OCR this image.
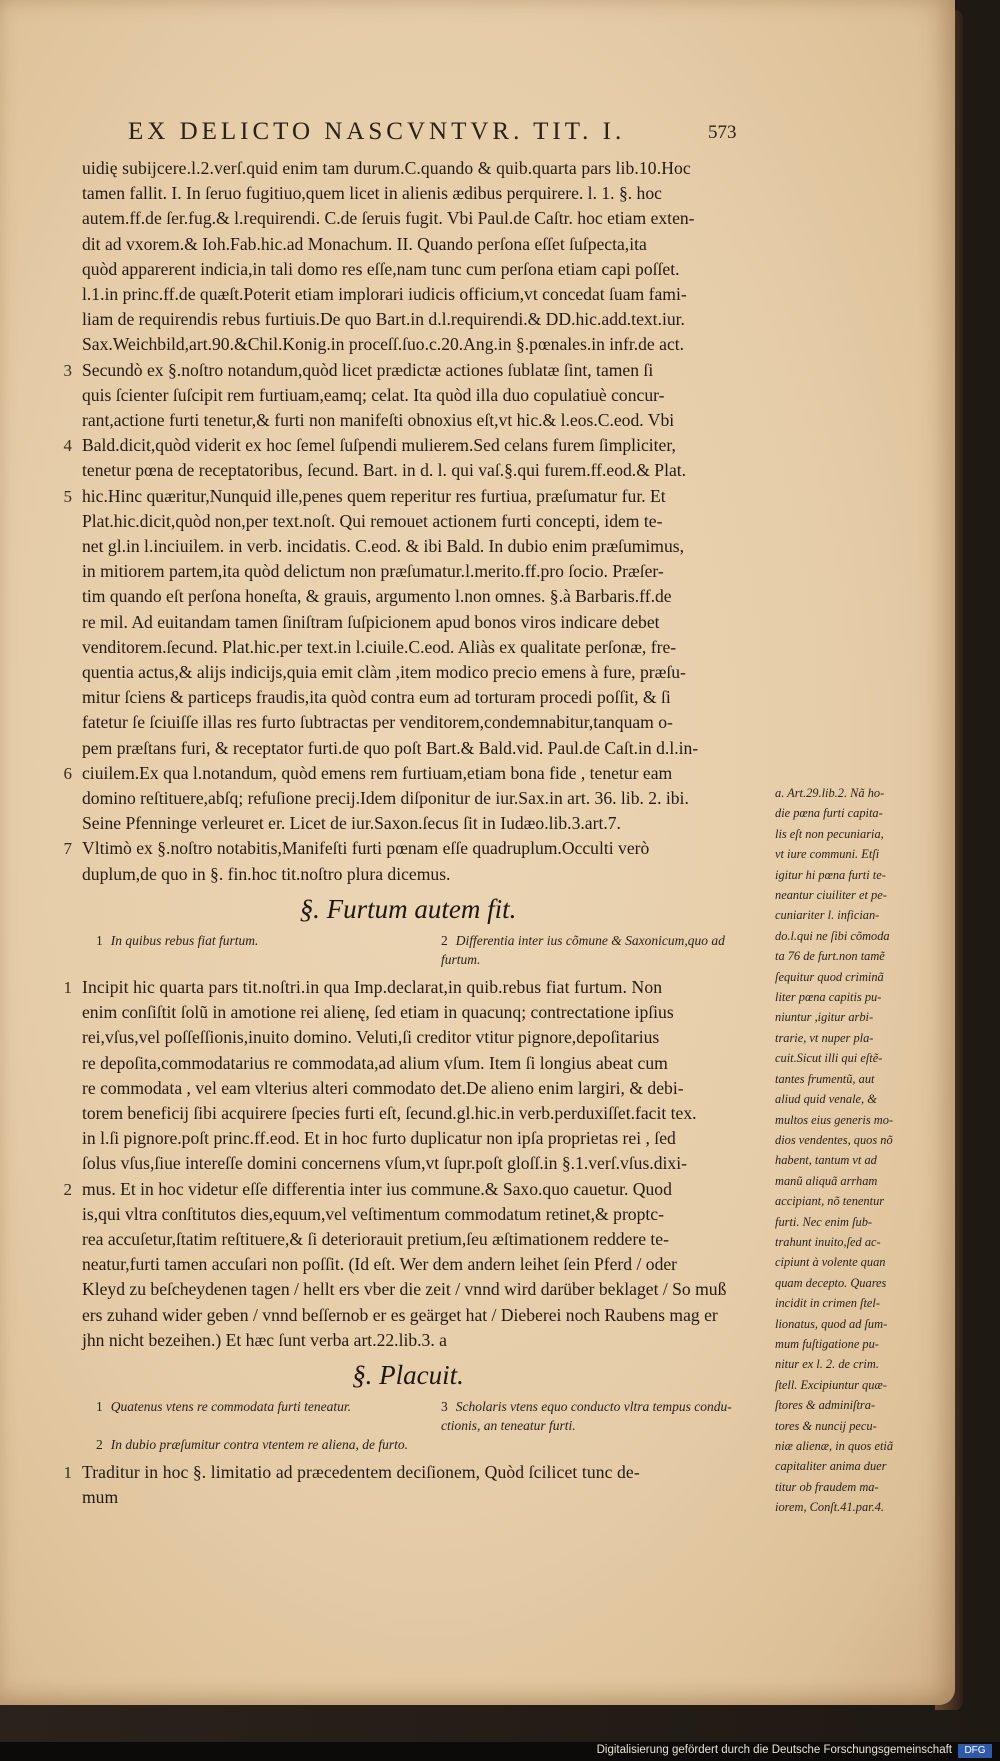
EX DELICTO NASCVNTVR. TIT. I.	573
uidię subijcere.l.2.verſ.quid enim tam durum.C.quando & quib.quarta pars lib.10.Hoc
tamen fallit. I. In ſeruo fugitiuo,quem licet in alienis ædibus perquirere. l. 1. §. hoc
autem.ff.de ſer.fug.& l.requirendi. C.de ſeruis fugit. Vbi Paul.de Caſtr. hoc etiam exten-
dit ad vxorem.& Ioh.Fab.hic.ad Monachum. II. Quando perſona eſſet ſuſpecta,ita
quòd apparerent indicia,in tali domo res eſſe,nam tunc cum perſona etiam capi poſſet.
l.1.in princ.ff.de quæſt.Poterit etiam implorari iudicis officium,vt concedat ſuam fami-
liam de requirendis rebus furtiuis.De quo Bart.in d.l.requirendi.& DD.hic.add.text.iur.
Sax.Weichbild,art.90.&Chil.Konig.in proceſſ.ſuo.c.20.Ang.in §.pœnales.in infr.de act.
3 Secundò ex §.noſtro notandum,quòd licet prædictæ actiones ſublatæ ſint, tamen ſi
quis ſcienter ſuſcipit rem furtiuam,eamq; celat. Ita quòd illa duo copulatiuè concur-
rant,actione furti tenetur,& furti non manifeſti obnoxius eſt,vt hic.& l.eos.C.eod. Vbi
4 Bald.dicit,quòd viderit ex hoc ſemel ſuſpendi mulierem.Sed celans furem ſimpliciter,
tenetur pœna de receptatoribus, ſecund. Bart. in d. l. qui vaſ.§.qui furem.ff.eod.& Plat.
5 hic.Hinc quæritur,Nunquid ille,penes quem reperitur res furtiua, præſumatur fur. Et
Plat.hic.dicit,quòd non,per text.noſt. Qui remouet actionem furti concepti, idem te-
net gl.in l.inciuilem. in verb. incidatis. C.eod. & ibi Bald. In dubio enim præſumimus,
in mitiorem partem,ita quòd delictum non præſumatur.l.merito.ff.pro ſocio. Præſer-
tim quando eſt perſona honeſta, & grauis, argumento l.non omnes. §.à Barbaris.ff.de
re mil. Ad euitandam tamen ſiniſtram ſuſpicionem apud bonos viros indicare debet
venditorem.ſecund. Plat.hic.per text.in l.ciuile.C.eod. Aliàs ex qualitate perſonæ, fre-
quentia actus,& alijs indicijs,quia emit clàm ,item modico precio emens à fure, præſu-
mitur ſciens & particeps fraudis,ita quòd contra eum ad torturam procedi poſſit, & ſi
fatetur ſe ſciuiſſe illas res furto ſubtractas per venditorem,condemnabitur,tanquam o-
pem præſtans furi, & receptator furti.de quo poſt Bart.& Bald.vid. Paul.de Caſt.in d.l.in-
6 ciuilem.Ex qua l.notandum, quòd emens rem furtiuam,etiam bona fide , tenetur eam
domino reſtituere,abſq; refuſione precij.Idem diſponitur de iur.Sax.in art. 36. lib. 2. ibi.
Seine Pfenninge verleuret er. Licet de iur.Saxon.ſecus ſit in Iudæo.lib.3.art.7.
7 Vltimò ex §.noſtro notabitis,Manifeſti furti pœnam eſſe quadruplum.Occulti verò
duplum,de quo in §. fin.hoc tit.noſtro plura dicemus.
§. Furtum autem fit.
1 In quibus rebus fiat furtum.	2 Differentia inter ius cõmune & Saxonicum,quo ad furtum.
1 Incipit hic quarta pars tit.noſtri.in qua Imp.declarat,in quib.rebus fiat furtum. Non
enim conſiſtit ſolũ in amotione rei alienę, ſed etiam in quacunq; contrectatione ipſius
rei,vſus,vel poſſeſſionis,inuito domino. Veluti,ſi creditor vtitur pignore,depoſitarius
re depoſita,commodatarius re commodata,ad alium vſum. Item ſi longius abeat cum
re commodata , vel eam vlterius alteri commodato det.De alieno enim largiri, & debi-
torem beneficij ſibi acquirere ſpecies furti eſt, ſecund.gl.hic.in verb.perduxiſſet.facit tex.
in l.ſi pignore.poſt princ.ff.eod. Et in hoc furto duplicatur non ipſa proprietas rei , ſed
ſolus vſus,ſiue intereſſe domini concernens vſum,vt ſupr.poſt gloſſ.in §.1.verſ.vſus.dixi-
2 mus. Et in hoc videtur eſſe differentia inter ius commune.& Saxo.quo cauetur. Quod
is,qui vltra conſtitutos dies,equum,vel veſtimentum commodatum retinet,& proptc-
rea accuſetur,ſtatim reſtituere,& ſi deteriorauit pretium,ſeu æſtimationem reddere te-
neatur,furti tamen accuſari non poſſit. (Id eſt. Wer dem andern leihet ſein Pferd / oder
Kleyd zu beſcheydenen tagen / hellt ers vber die zeit / vnnd wird darüber beklaget / So muß
ers zuhand wider geben / vnnd beſſernob er es geärget hat / Dieberei noch Raubens mag er
jhn nicht bezeihen.) Et hæc ſunt verba art.22.lib.3. a
§. Placuit.
1 Quatenus vtens re commodata furti teneatur.	3 Scholaris vtens equo conducto vltra tempus condu-ctionis, an teneatur furti.
2 In dubio præſumitur contra vtentem re aliena, de furto.
1 Traditur in hoc §. limitatio ad præcedentem deciſionem, Quòd ſcilicet tunc de-
mum
a. Art.29.lib.2. Nã ho-
die pœna furti capita-
lis eſt non pecuniaria,
vt iure communi. Etſi
igitur hi pœna furti te-
neantur ciuiliter et pe-
cuniariter l. infician-
do.l.qui ne ſibi cõmoda
ta 76 de furt.non tamẽ
ſequitur quod criminã
liter pœna capitis pu-
niuntur ,igitur arbi-
trarie, vt nuper pla-
cuit.Sicut illi qui eſtẽ-
tantes frumentũ, aut
aliud quid venale, &
multos eius generis mo-
dios vendentes, quos nõ
habent, tantum vt ad
manũ aliquã arrham
accipiant, nõ tenentur
furti. Nec enim ſub-
trahunt inuito,ſed ac-
cipiunt à volente quan
quam decepto. Quares
incidit in crimen ſtel-
lionatus, quod ad ſum-
mum fuſtigatione pu-
nitur ex l. 2. de crim.
ſtell. Excipiuntur quæ-
ſtores & adminiſtra-
tores & nuncij pecu-
niæ alienæ, in quos etiã
capitaliter anima duer
titur ob fraudem ma-
iorem, Conſt.41.par.4.
Digitalisierung gefördert durch die Deutsche Forschungsgemeinschaft	DFG
